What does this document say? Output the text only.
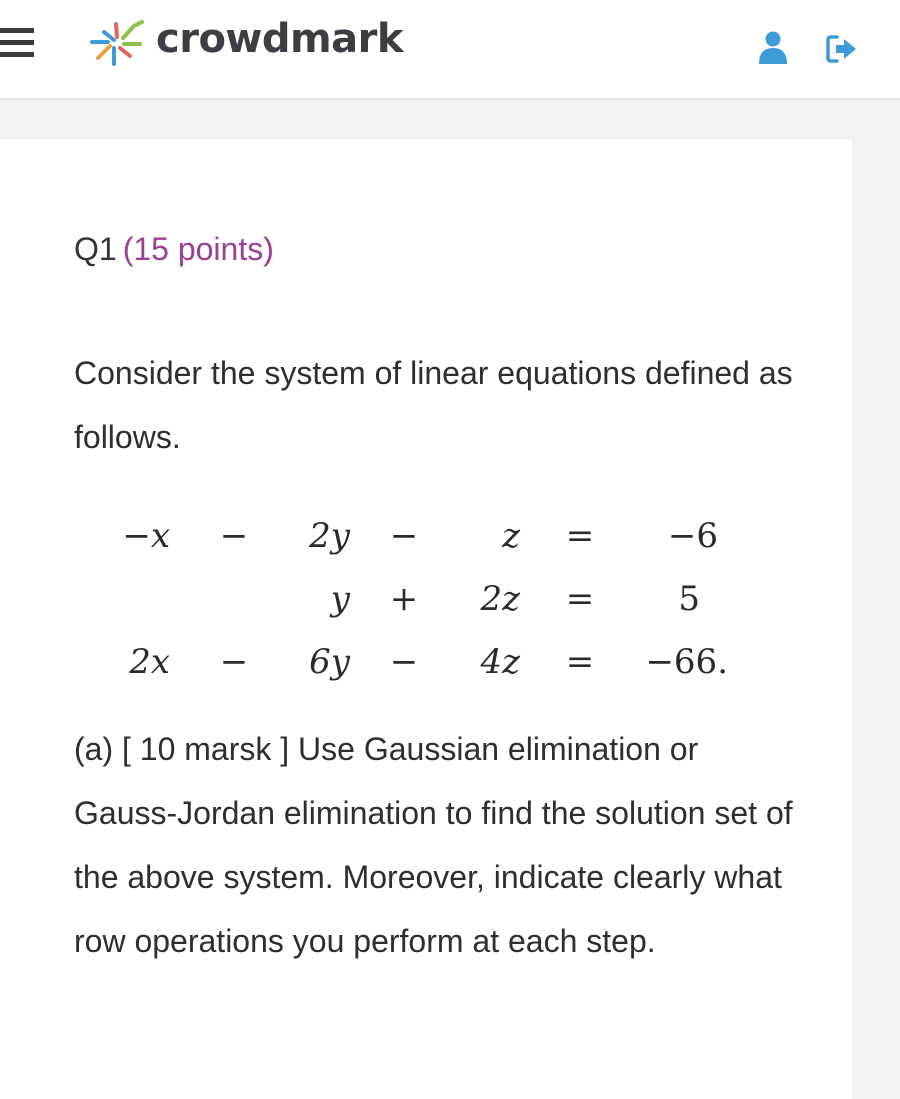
crowdmark
Q1 (15 points)
Consider the system of linear equations defined as follows.
−x −	2y −	z =	−6
y +	2z =	5
2x −	6y −	4z =	−66.
(a) [ 10 marsk ] Use Gaussian elimination or Gauss-Jordan elimination to find the solution set of the above system. Moreover, indicate clearly what row operations you perform at each step.
